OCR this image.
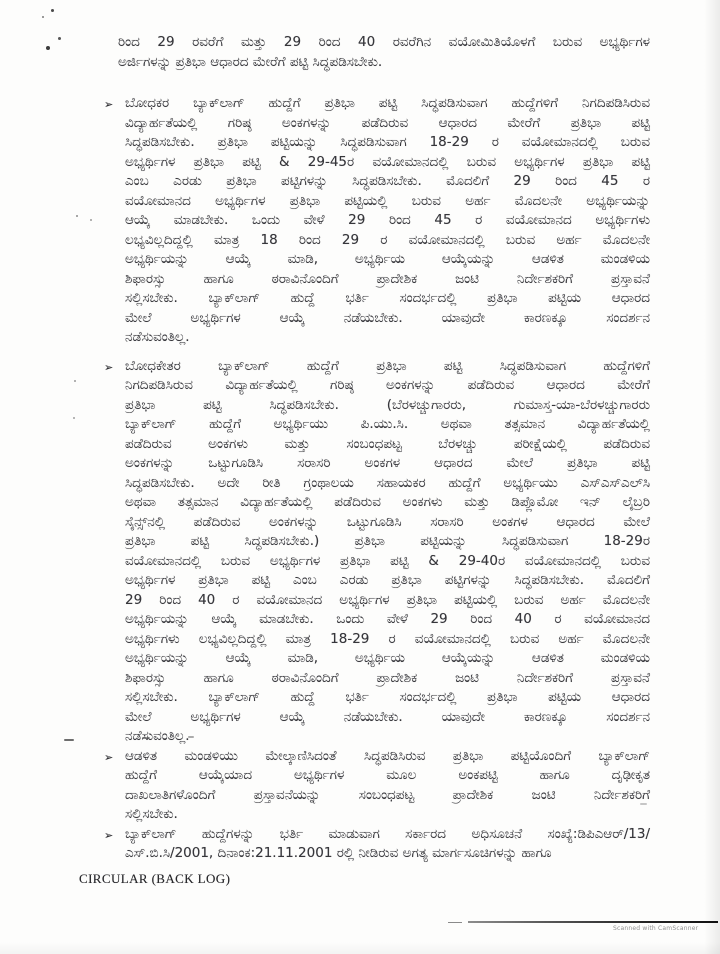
ರಿಂದ 29 ರವರೆಗೆ ಮತ್ತು 29 ರಿಂದ 40 ರವರೆಗಿನ ವಯೋಮಿತಿಯೊಳಗೆ ಬರುವ ಅಭ್ಯರ್ಥಿಗಳ
ಅರ್ಜಿಗಳನ್ನು ಪ್ರತಿಭಾ ಆಧಾರದ ಮೇರೆಗೆ ಪಟ್ಟಿ ಸಿದ್ಧಪಡಿಸಬೇಕು.
➢ ಬೋಧಕರ ಬ್ಯಾಕ್‌ಲಾಗ್ ಹುದ್ದೆಗೆ ಪ್ರತಿಭಾ ಪಟ್ಟಿ ಸಿದ್ಧಪಡಿಸುವಾಗ ಹುದ್ದೆಗಳಿಗೆ ನಿಗದಿಪಡಿಸಿರುವ
ವಿದ್ಯಾರ್ಹತೆಯಲ್ಲಿ ಗರಿಷ್ಠ ಅಂಕಗಳನ್ನು ಪಡೆದಿರುವ ಆಧಾರದ ಮೇರೆಗೆ ಪ್ರತಿಭಾ ಪಟ್ಟಿ
ಸಿದ್ಧಪಡಿಸಬೇಕು. ಪ್ರತಿಭಾ ಪಟ್ಟಿಯನ್ನು ಸಿದ್ಧಪಡಿಸುವಾಗ 18-29 ರ ವಯೋಮಾನದಲ್ಲಿ ಬರುವ
ಅಭ್ಯರ್ಥಿಗಳ ಪ್ರತಿಭಾ ಪಟ್ಟಿ & 29-45ರ ವಯೋಮಾನದಲ್ಲಿ ಬರುವ ಅಭ್ಯರ್ಥಿಗಳ ಪ್ರತಿಭಾ ಪಟ್ಟಿ
ಎಂಬ ಎರಡು ಪ್ರತಿಭಾ ಪಟ್ಟಿಗಳನ್ನು ಸಿದ್ಧಪಡಿಸಬೇಕು. ಮೊದಲಿಗೆ 29 ರಿಂದ 45 ರ
ವಯೋಮಾನದ ಅಭ್ಯರ್ಥಿಗಳ ಪ್ರತಿಭಾ ಪಟ್ಟಿಯಲ್ಲಿ ಬರುವ ಅರ್ಹ ಮೊದಲನೇ ಅಭ್ಯರ್ಥಿಯನ್ನು
ಆಯ್ಕೆ ಮಾಡಬೇಕು. ಒಂದು ವೇಳೆ 29 ರಿಂದ 45 ರ ವಯೋಮಾನದ ಅಭ್ಯರ್ಥಿಗಳು
ಲಭ್ಯವಿಲ್ಲದಿದ್ದಲ್ಲಿ ಮಾತ್ರ 18 ರಿಂದ 29 ರ ವಯೋಮಾನದಲ್ಲಿ ಬರುವ ಅರ್ಹ ಮೊದಲನೇ
ಅಭ್ಯರ್ಥಿಯನ್ನು ಆಯ್ಕೆ ಮಾಡಿ, ಅಭ್ಯರ್ಥಿಯ ಆಯ್ಕೆಯನ್ನು ಆಡಳಿತ ಮಂಡಳಿಯ
ಶಿಫಾರಸ್ಸು ಹಾಗೂ ಠರಾವಿನೊಂದಿಗೆ ಪ್ರಾದೇಶಿಕ ಜಂಟಿ ನಿರ್ದೇಶಕರಿಗೆ ಪ್ರಸ್ತಾವನೆ
ಸಲ್ಲಿಸಬೇಕು. ಬ್ಯಾಕ್‌ಲಾಗ್ ಹುದ್ದೆ ಭರ್ತಿ ಸಂದರ್ಭದಲ್ಲಿ ಪ್ರತಿಭಾ ಪಟ್ಟಿಯ ಆಧಾರದ
ಮೇಲೆ ಅಭ್ಯರ್ಥಿಗಳ ಆಯ್ಕೆ ನಡೆಯಬೇಕು. ಯಾವುದೇ ಕಾರಣಕ್ಕೂ ಸಂದರ್ಶನ
ನಡೆಸುವಂತಿಲ್ಲ.
➢ ಬೋಧಕೇತರ ಬ್ಯಾಕ್‌ಲಾಗ್ ಹುದ್ದೆಗೆ ಪ್ರತಿಭಾ ಪಟ್ಟಿ ಸಿದ್ಧಪಡಿಸುವಾಗ ಹುದ್ದೆಗಳಿಗೆ
ನಿಗದಿಪಡಿಸಿರುವ ವಿದ್ಯಾರ್ಹತೆಯಲ್ಲಿ ಗರಿಷ್ಠ ಅಂಕಗಳನ್ನು ಪಡೆದಿರುವ ಆಧಾರದ ಮೇರೆಗೆ
ಪ್ರತಿಭಾ ಪಟ್ಟಿ ಸಿದ್ಧಪಡಿಸಬೇಕು. (ಬೆರಳಚ್ಚುಗಾರರು, ಗುಮಾಸ್ತ-ಯಾ-ಬೆರಳಚ್ಚುಗಾರರು
ಬ್ಯಾಕ್‌ಲಾಗ್ ಹುದ್ದೆಗೆ ಅಭ್ಯರ್ಥಿಯು ಪಿ.ಯು.ಸಿ. ಅಥವಾ ತತ್ಸಮಾನ ವಿದ್ಯಾರ್ಹತೆಯಲ್ಲಿ
ಪಡೆದಿರುವ ಅಂಕಗಳು ಮತ್ತು ಸಂಬಂಧಪಟ್ಟ ಬೆರಳಚ್ಚು ಪರೀಕ್ಷೆಯಲ್ಲಿ ಪಡೆದಿರುವ
ಅಂಕಗಳನ್ನು ಒಟ್ಟುಗೂಡಿಸಿ ಸರಾಸರಿ ಅಂಕಗಳ ಆಧಾರದ ಮೇಲೆ ಪ್ರತಿಭಾ ಪಟ್ಟಿ
ಸಿದ್ಧಪಡಿಸಬೇಕು. ಅದೇ ರೀತಿ ಗ್ರಂಥಾಲಯ ಸಹಾಯಕರ ಹುದ್ದೆಗೆ ಅಭ್ಯರ್ಥಿಯು ಎಸ್‌ಎಸ್‌ಎಲ್‌ಸಿ
ಅಥವಾ ತತ್ಸಮಾನ ವಿದ್ಯಾರ್ಹತೆಯಲ್ಲಿ ಪಡೆದಿರುವ ಅಂಕಗಳು ಮತ್ತು ಡಿಪ್ಲೊಮೋ ಇನ್ ಲೈಬ್ರರಿ
ಸೈನ್ಸ್‌ನಲ್ಲಿ ಪಡೆದಿರುವ ಅಂಕಗಳನ್ನು ಒಟ್ಟುಗೂಡಿಸಿ ಸರಾಸರಿ ಅಂಕಗಳ ಆಧಾರದ ಮೇಲೆ
ಪ್ರತಿಭಾ ಪಟ್ಟಿ ಸಿದ್ಧಪಡಿಸಬೇಕು.) ಪ್ರತಿಭಾ ಪಟ್ಟಿಯನ್ನು ಸಿದ್ಧಪಡಿಸುವಾಗ 18-29ರ
ವಯೋಮಾನದಲ್ಲಿ ಬರುವ ಅಭ್ಯರ್ಥಿಗಳ ಪ್ರತಿಭಾ ಪಟ್ಟಿ & 29-40ರ ವಯೋಮಾನದಲ್ಲಿ ಬರುವ
ಅಭ್ಯರ್ಥಿಗಳ ಪ್ರತಿಭಾ ಪಟ್ಟಿ ಎಂಬ ಎರಡು ಪ್ರತಿಭಾ ಪಟ್ಟಿಗಳನ್ನು ಸಿದ್ಧಪಡಿಸಬೇಕು. ಮೊದಲಿಗೆ
29 ರಿಂದ 40 ರ ವಯೋಮಾನದ ಅಭ್ಯರ್ಥಿಗಳ ಪ್ರತಿಭಾ ಪಟ್ಟಿಯಲ್ಲಿ ಬರುವ ಅರ್ಹ ಮೊದಲನೇ
ಅಭ್ಯರ್ಥಿಯನ್ನು ಆಯ್ಕೆ ಮಾಡಬೇಕು. ಒಂದು ವೇಳೆ 29 ರಿಂದ 40 ರ ವಯೋಮಾನದ
ಅಭ್ಯರ್ಥಿಗಳು ಲಭ್ಯವಿಲ್ಲದಿದ್ದಲ್ಲಿ ಮಾತ್ರ 18-29 ರ ವಯೋಮಾನದಲ್ಲಿ ಬರುವ ಅರ್ಹ ಮೊದಲನೇ
ಅಭ್ಯರ್ಥಿಯನ್ನು ಆಯ್ಕೆ ಮಾಡಿ, ಅಭ್ಯರ್ಥಿಯ ಆಯ್ಕೆಯನ್ನು ಆಡಳಿತ ಮಂಡಳಿಯ
ಶಿಫಾರಸ್ಸು ಹಾಗೂ ಠರಾವಿನೊಂದಿಗೆ ಪ್ರಾದೇಶಿಕ ಜಂಟಿ ನಿರ್ದೇಶಕರಿಗೆ ಪ್ರಸ್ತಾವನೆ
ಸಲ್ಲಿಸಬೇಕು. ಬ್ಯಾಕ್‌ಲಾಗ್ ಹುದ್ದೆ ಭರ್ತಿ ಸಂದರ್ಭದಲ್ಲಿ ಪ್ರತಿಭಾ ಪಟ್ಟಿಯ ಆಧಾರದ
ಮೇಲೆ ಅಭ್ಯರ್ಥಿಗಳ ಆಯ್ಕೆ ನಡೆಯಬೇಕು. ಯಾವುದೇ ಕಾರಣಕ್ಕೂ ಸಂದರ್ಶನ
ನಡೆಸುವಂತಿಲ್ಲ.
➢ ಆಡಳಿತ ಮಂಡಳಿಯು ಮೇಲ್ಕಾಣಿಸಿದಂತೆ ಸಿದ್ಧಪಡಿಸಿರುವ ಪ್ರತಿಭಾ ಪಟ್ಟಿಯೊಂದಿಗೆ ಬ್ಯಾಕ್‌ಲಾಗ್
ಹುದ್ದೆಗೆ ಆಯ್ಕೆಯಾದ ಅಭ್ಯರ್ಥಿಗಳ ಮೂಲ ಅಂಕಪಟ್ಟಿ ಹಾಗೂ ದೃಢೀಕೃತ
ದಾಖಲಾತಿಗಳೊಂದಿಗೆ ಪ್ರಸ್ತಾವನೆಯನ್ನು ಸಂಬಂಧಪಟ್ಟ ಪ್ರಾದೇಶಿಕ ಜಂಟಿ ನಿರ್ದೇಶಕರಿಗೆ
ಸಲ್ಲಿಸಬೇಕು.
➢ ಬ್ಯಾಕ್‌ಲಾಗ್ ಹುದ್ದೆಗಳನ್ನು ಭರ್ತಿ ಮಾಡುವಾಗ ಸರ್ಕಾರದ ಅಧಿಸೂಚನೆ ಸಂಖ್ಯೆ:ಡಿಪಿಎಆರ್/13/
ಎಸ್.ಬಿ.ಸಿ/2001, ದಿನಾಂಕ:21.11.2001 ರಲ್ಲಿ ನೀಡಿರುವ ಅಗತ್ಯ ಮಾರ್ಗಸೂಚಿಗಳನ್ನು ಹಾಗೂ
CIRCULAR (BACK LOG)
Scanned with CamScanner
